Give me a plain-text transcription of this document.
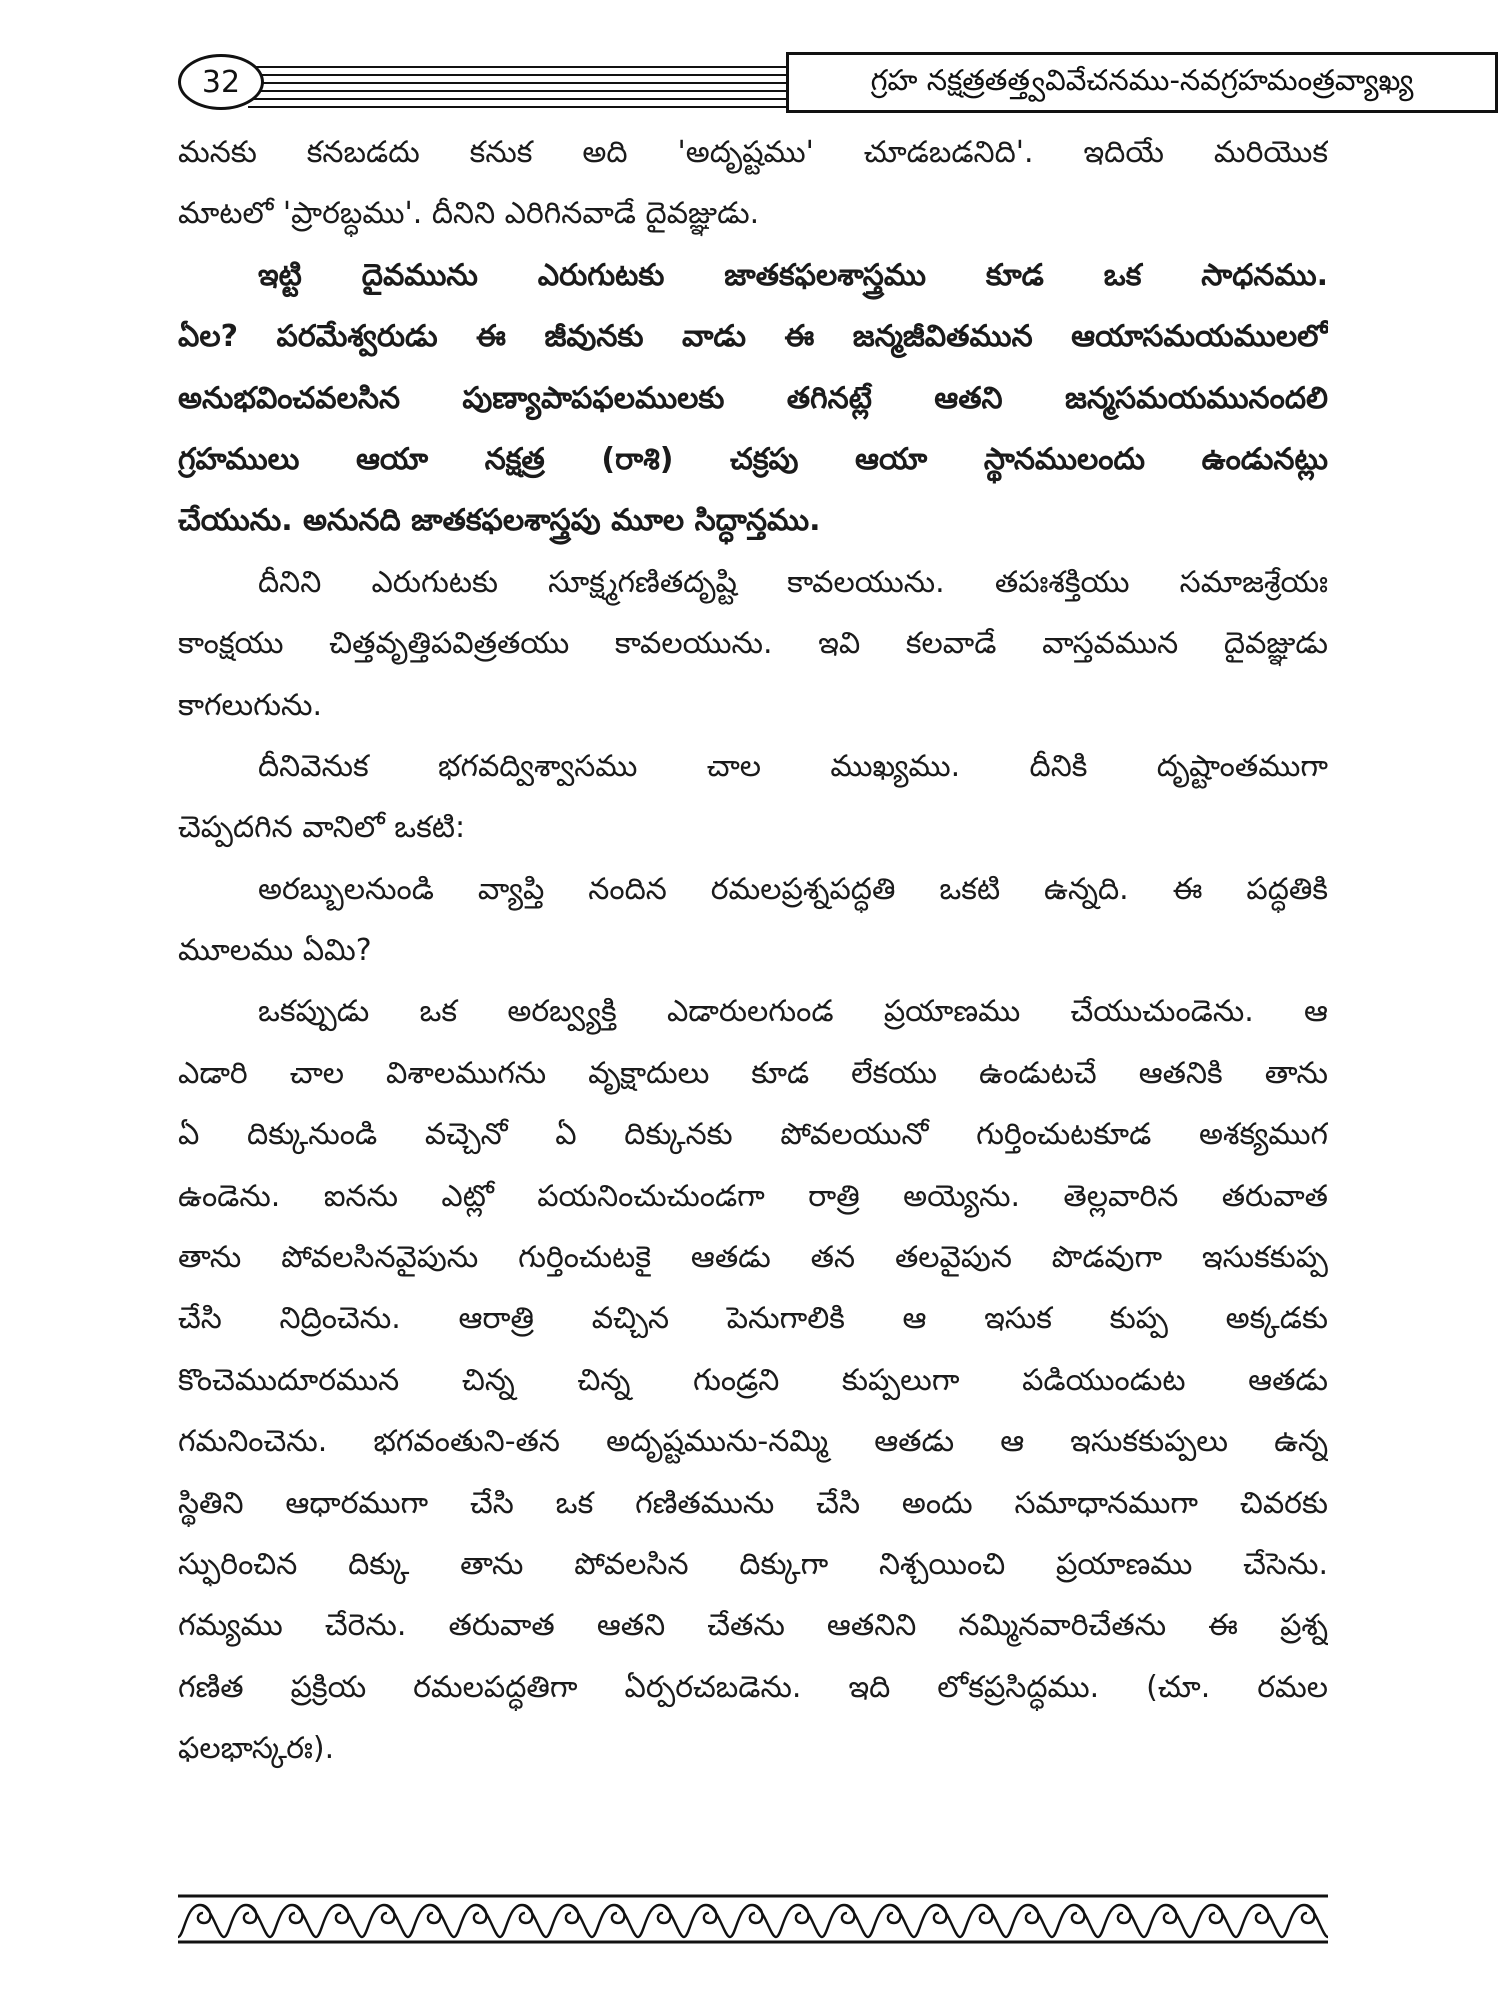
32	గ్రహ నక్షత్రతత్త్వవివేచనము-నవగ్రహమంత్రవ్యాఖ్య
మనకు కనబడదు కనుక అది 'అదృష్టము' చూడబడనిది'. ఇదియే మరియొక
మాటలో 'ప్రారబ్ధము'. దీనిని ఎరిగినవాడే దైవజ్ఞుడు.
ఇట్టి దైవమును ఎరుగుటకు జాతకఫలశాస్త్రము కూడ ఒక సాధనము.
ఏల? పరమేశ్వరుడు ఈ జీవునకు వాడు ఈ జన్మజీవితమున ఆయాసమయములలో
అనుభవించవలసిన పుణ్యాపాపఫలములకు తగినట్లే ఆతని జన్మసమయమునందలి
గ్రహములు ఆయా నక్షత్ర (రాశి) చక్రపు ఆయా స్థానములందు ఉండునట్లు
చేయును. అనునది జాతకఫలశాస్త్రపు మూల సిద్ధాన్తము.
దీనిని ఎరుగుటకు సూక్ష్మగణితదృష్టి కావలయును. తపఃశక్తియు సమాజశ్రేయః
కాంక్షయు చిత్తవృత్తిపవిత్రతయు కావలయును. ఇవి కలవాడే వాస్తవమున దైవజ్ఞుడు
కాగలుగును.
దీనివెనుక భగవద్విశ్వాసము చాల ముఖ్యము. దీనికి దృష్టాంతముగా
చెప్పదగిన వానిలో ఒకటి:
అరబ్బులనుండి వ్యాప్తి నందిన రమలప్రశ్నపద్ధతి ఒకటి ఉన్నది. ఈ పద్ధతికి
మూలము ఏమి?
ఒకప్పుడు ఒక అరబ్వ్యక్తి ఎడారులగుండ ప్రయాణము చేయుచుండెను. ఆ
ఎడారి చాల విశాలముగను వృక్షాదులు కూడ లేకయు ఉండుటచే ఆతనికి తాను
ఏ దిక్కునుండి వచ్చెనో ఏ దిక్కునకు పోవలయునో గుర్తించుటకూడ అశక్యముగ
ఉండెను. ఐనను ఎట్లో పయనించుచుండగా రాత్రి అయ్యెను. తెల్లవారిన తరువాత
తాను పోవలసినవైపును గుర్తించుటకై ఆతడు తన తలవైపున పొడవుగా ఇసుకకుప్ప
చేసి నిద్రించెను. ఆరాత్రి వచ్చిన పెనుగాలికి ఆ ఇసుక కుప్ప అక్కడకు
కొంచెముదూరమున చిన్న చిన్న గుండ్రని కుప్పలుగా పడియుండుట ఆతడు
గమనించెను. భగవంతుని-తన అదృష్టమును-నమ్మి ఆతడు ఆ ఇసుకకుప్పలు ఉన్న
స్థితిని ఆధారముగా చేసి ఒక గణితమును చేసి అందు సమాధానముగా చివరకు
స్ఫురించిన దిక్కు తాను పోవలసిన దిక్కుగా నిశ్చయించి ప్రయాణము చేసెను.
గమ్యము చేరెను. తరువాత ఆతని చేతను ఆతనిని నమ్మినవారిచేతను ఈ ప్రశ్న
గణిత ప్రక్రియ రమలపద్ధతిగా ఏర్పరచబడెను. ఇది లోకప్రసిద్ధము. (చూ. రమల
ఫలభాస్కరః).
